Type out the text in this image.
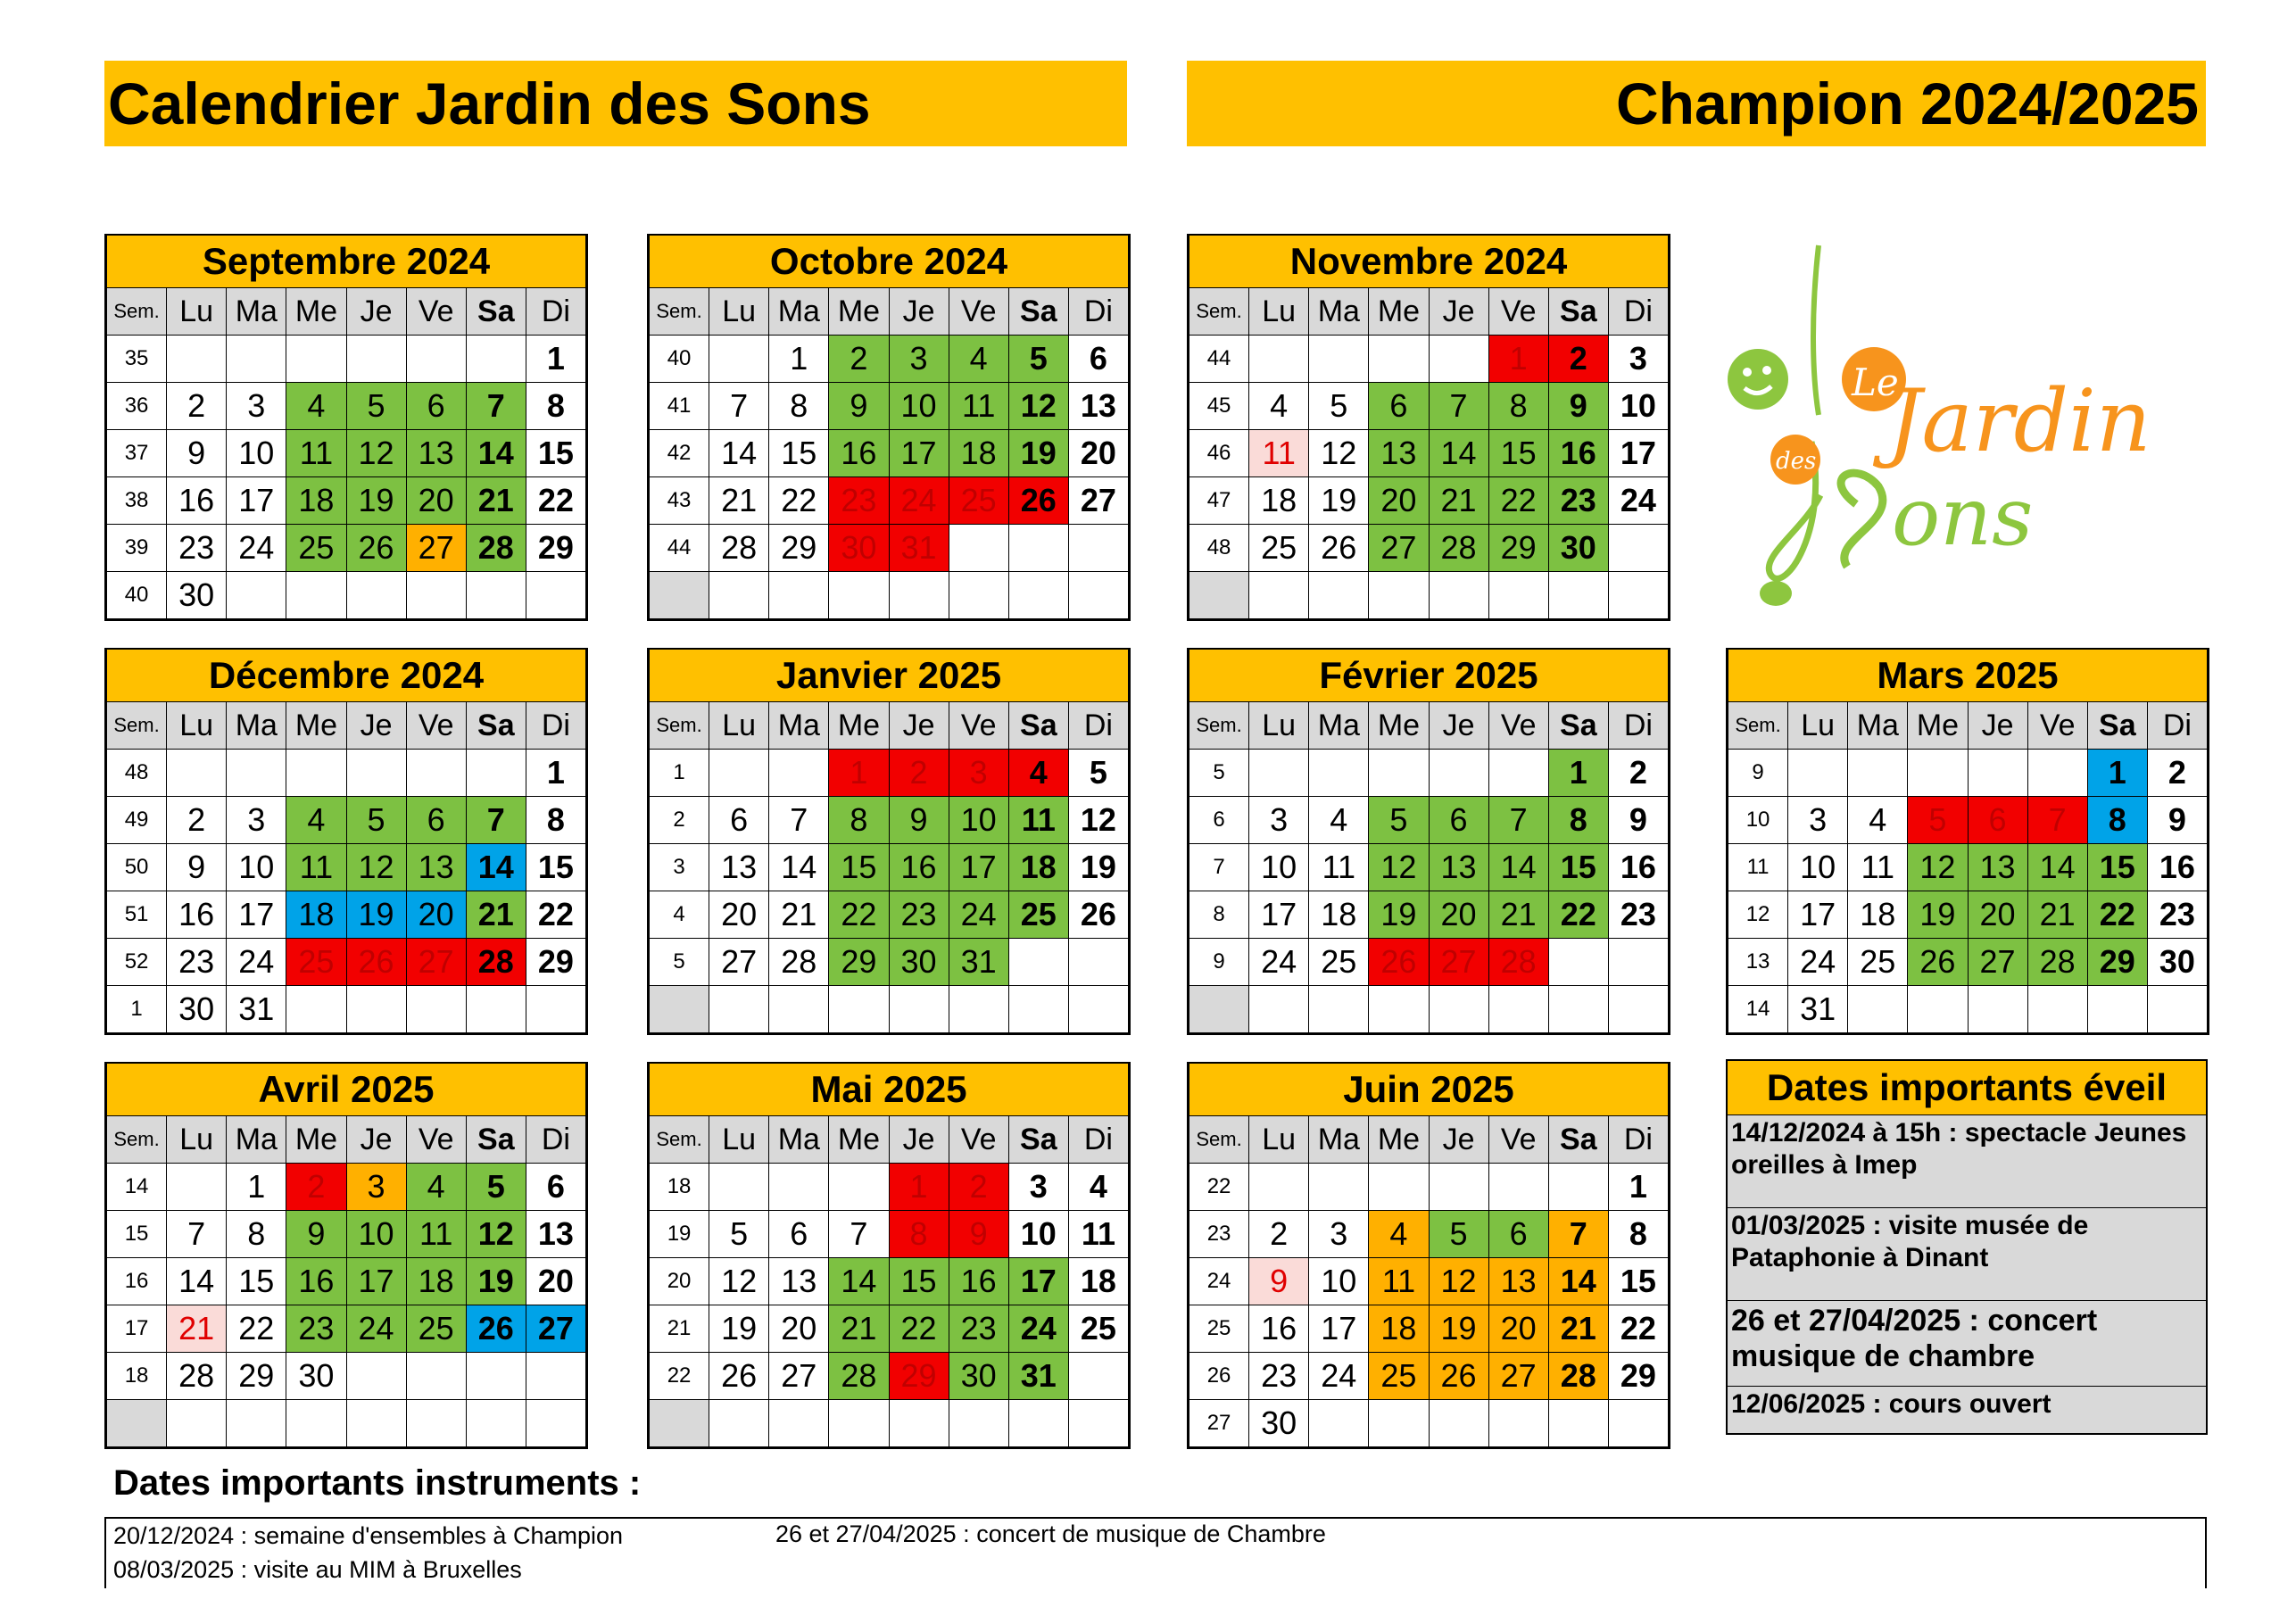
Calendrier Jardin des Sons	Champion 2024/2025
Septembre 2024							
Sem.	Lu	Ma	Me	Je	Ve	Sa	Di
35							1
36	2	3	4	5	6	7	8
37	9	10	11	12	13	14	15
38	16	17	18	19	20	21	22
39	23	24	25	26	27	28	29
40	30						
Octobre 2024							
Sem.	Lu	Ma	Me	Je	Ve	Sa	Di
40		1	2	3	4	5	6
41	7	8	9	10	11	12	13
42	14	15	16	17	18	19	20
43	21	22	23	24	25	26	27
44	28	29	30	31			

Novembre 2024							
Sem.	Lu	Ma	Me	Je	Ve	Sa	Di
44					1	2	3
45	4	5	6	7	8	9	10
46	11	12	13	14	15	16	17
47	18	19	20	21	22	23	24
48	25	26	27	28	29	30	

Décembre 2024							
Sem.	Lu	Ma	Me	Je	Ve	Sa	Di
48							1
49	2	3	4	5	6	7	8
50	9	10	11	12	13	14	15
51	16	17	18	19	20	21	22
52	23	24	25	26	27	28	29
1	30	31					
Janvier 2025							
Sem.	Lu	Ma	Me	Je	Ve	Sa	Di
1			1	2	3	4	5
2	6	7	8	9	10	11	12
3	13	14	15	16	17	18	19
4	20	21	22	23	24	25	26
5	27	28	29	30	31		

Février 2025							
Sem.	Lu	Ma	Me	Je	Ve	Sa	Di
5						1	2
6	3	4	5	6	7	8	9
7	10	11	12	13	14	15	16
8	17	18	19	20	21	22	23
9	24	25	26	27	28		

Mars 2025							
Sem.	Lu	Ma	Me	Je	Ve	Sa	Di
9						1	2
10	3	4	5	6	7	8	9
11	10	11	12	13	14	15	16
12	17	18	19	20	21	22	23
13	24	25	26	27	28	29	30
14	31						
Avril 2025							
Sem.	Lu	Ma	Me	Je	Ve	Sa	Di
14		1	2	3	4	5	6
15	7	8	9	10	11	12	13
16	14	15	16	17	18	19	20
17	21	22	23	24	25	26	27
18	28	29	30				

Mai 2025							
Sem.	Lu	Ma	Me	Je	Ve	Sa	Di
18				1	2	3	4
19	5	6	7	8	9	10	11
20	12	13	14	15	16	17	18
21	19	20	21	22	23	24	25
22	26	27	28	29	30	31	

Juin 2025							
Sem.	Lu	Ma	Me	Je	Ve	Sa	Di
22							1
23	2	3	4	5	6	7	8
24	9	10	11	12	13	14	15
25	16	17	18	19	20	21	22
26	23	24	25	26	27	28	29
27	30						
Le
des Jardin
ons
Dates importants éveil
14/12/2024 à 15h : spectacle Jeunes oreilles à Imep
01/03/2025 : visite musée de Pataphonie à Dinant
26 et 27/04/2025 : concert musique de chambre
12/06/2025 : cours ouvert
Dates importants instruments :
20/12/2024 : semaine d'ensembles à Champion
08/03/2025 : visite au MIM à Bruxelles
26 et 27/04/2025 : concert de musique de Chambre
